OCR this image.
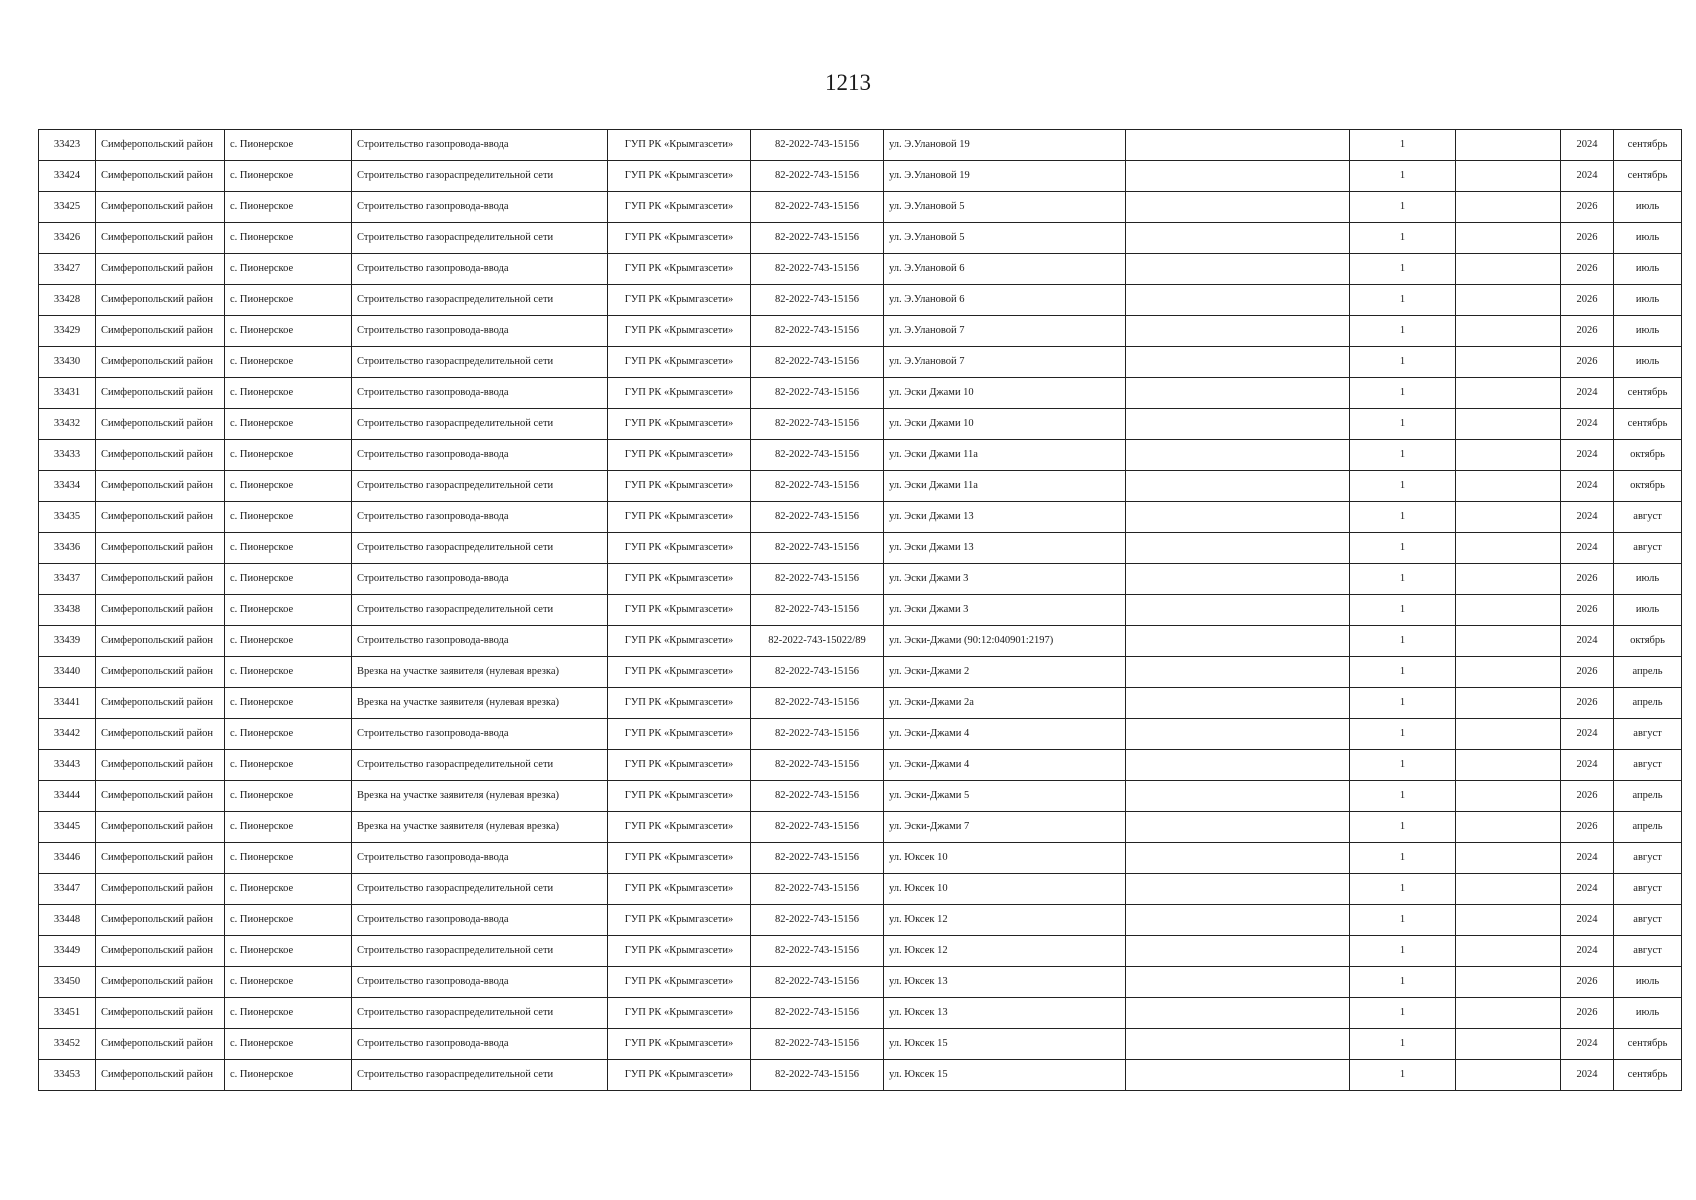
1213
33423	Симферопольский район	с. Пионерское	Строительство газопровода-ввода	ГУП РК «Крымгазсети»	82-2022-743-15156	ул. Э.Улановой 19		1		2024	сентябрь
33424	Симферопольский район	с. Пионерское	Строительство газораспределительной сети	ГУП РК «Крымгазсети»	82-2022-743-15156	ул. Э.Улановой 19		1		2024	сентябрь
33425	Симферопольский район	с. Пионерское	Строительство газопровода-ввода	ГУП РК «Крымгазсети»	82-2022-743-15156	ул. Э.Улановой 5		1		2026	июль
33426	Симферопольский район	с. Пионерское	Строительство газораспределительной сети	ГУП РК «Крымгазсети»	82-2022-743-15156	ул. Э.Улановой 5		1		2026	июль
33427	Симферопольский район	с. Пионерское	Строительство газопровода-ввода	ГУП РК «Крымгазсети»	82-2022-743-15156	ул. Э.Улановой 6		1		2026	июль
33428	Симферопольский район	с. Пионерское	Строительство газораспределительной сети	ГУП РК «Крымгазсети»	82-2022-743-15156	ул. Э.Улановой 6		1		2026	июль
33429	Симферопольский район	с. Пионерское	Строительство газопровода-ввода	ГУП РК «Крымгазсети»	82-2022-743-15156	ул. Э.Улановой 7		1		2026	июль
33430	Симферопольский район	с. Пионерское	Строительство газораспределительной сети	ГУП РК «Крымгазсети»	82-2022-743-15156	ул. Э.Улановой 7		1		2026	июль
33431	Симферопольский район	с. Пионерское	Строительство газопровода-ввода	ГУП РК «Крымгазсети»	82-2022-743-15156	ул. Эски Джами 10		1		2024	сентябрь
33432	Симферопольский район	с. Пионерское	Строительство газораспределительной сети	ГУП РК «Крымгазсети»	82-2022-743-15156	ул. Эски Джами 10		1		2024	сентябрь
33433	Симферопольский район	с. Пионерское	Строительство газопровода-ввода	ГУП РК «Крымгазсети»	82-2022-743-15156	ул. Эски Джами 11а		1		2024	октябрь
33434	Симферопольский район	с. Пионерское	Строительство газораспределительной сети	ГУП РК «Крымгазсети»	82-2022-743-15156	ул. Эски Джами 11а		1		2024	октябрь
33435	Симферопольский район	с. Пионерское	Строительство газопровода-ввода	ГУП РК «Крымгазсети»	82-2022-743-15156	ул. Эски Джами 13		1		2024	август
33436	Симферопольский район	с. Пионерское	Строительство газораспределительной сети	ГУП РК «Крымгазсети»	82-2022-743-15156	ул. Эски Джами 13		1		2024	август
33437	Симферопольский район	с. Пионерское	Строительство газопровода-ввода	ГУП РК «Крымгазсети»	82-2022-743-15156	ул. Эски Джами 3		1		2026	июль
33438	Симферопольский район	с. Пионерское	Строительство газораспределительной сети	ГУП РК «Крымгазсети»	82-2022-743-15156	ул. Эски Джами 3		1		2026	июль
33439	Симферопольский район	с. Пионерское	Строительство газопровода-ввода	ГУП РК «Крымгазсети»	82-2022-743-15022/89	ул. Эски-Джами (90:12:040901:2197)		1		2024	октябрь
33440	Симферопольский район	с. Пионерское	Врезка на участке заявителя (нулевая врезка)	ГУП РК «Крымгазсети»	82-2022-743-15156	ул. Эски-Джами 2		1		2026	апрель
33441	Симферопольский район	с. Пионерское	Врезка на участке заявителя (нулевая врезка)	ГУП РК «Крымгазсети»	82-2022-743-15156	ул. Эски-Джами 2а		1		2026	апрель
33442	Симферопольский район	с. Пионерское	Строительство газопровода-ввода	ГУП РК «Крымгазсети»	82-2022-743-15156	ул. Эски-Джами 4		1		2024	август
33443	Симферопольский район	с. Пионерское	Строительство газораспределительной сети	ГУП РК «Крымгазсети»	82-2022-743-15156	ул. Эски-Джами 4		1		2024	август
33444	Симферопольский район	с. Пионерское	Врезка на участке заявителя (нулевая врезка)	ГУП РК «Крымгазсети»	82-2022-743-15156	ул. Эски-Джами 5		1		2026	апрель
33445	Симферопольский район	с. Пионерское	Врезка на участке заявителя (нулевая врезка)	ГУП РК «Крымгазсети»	82-2022-743-15156	ул. Эски-Джами 7		1		2026	апрель
33446	Симферопольский район	с. Пионерское	Строительство газопровода-ввода	ГУП РК «Крымгазсети»	82-2022-743-15156	ул. Юксек 10		1		2024	август
33447	Симферопольский район	с. Пионерское	Строительство газораспределительной сети	ГУП РК «Крымгазсети»	82-2022-743-15156	ул. Юксек 10		1		2024	август
33448	Симферопольский район	с. Пионерское	Строительство газопровода-ввода	ГУП РК «Крымгазсети»	82-2022-743-15156	ул. Юксек 12		1		2024	август
33449	Симферопольский район	с. Пионерское	Строительство газораспределительной сети	ГУП РК «Крымгазсети»	82-2022-743-15156	ул. Юксек 12		1		2024	август
33450	Симферопольский район	с. Пионерское	Строительство газопровода-ввода	ГУП РК «Крымгазсети»	82-2022-743-15156	ул. Юксек 13		1		2026	июль
33451	Симферопольский район	с. Пионерское	Строительство газораспределительной сети	ГУП РК «Крымгазсети»	82-2022-743-15156	ул. Юксек 13		1		2026	июль
33452	Симферопольский район	с. Пионерское	Строительство газопровода-ввода	ГУП РК «Крымгазсети»	82-2022-743-15156	ул. Юксек 15		1		2024	сентябрь
33453	Симферопольский район	с. Пионерское	Строительство газораспределительной сети	ГУП РК «Крымгазсети»	82-2022-743-15156	ул. Юксек 15		1		2024	сентябрь
